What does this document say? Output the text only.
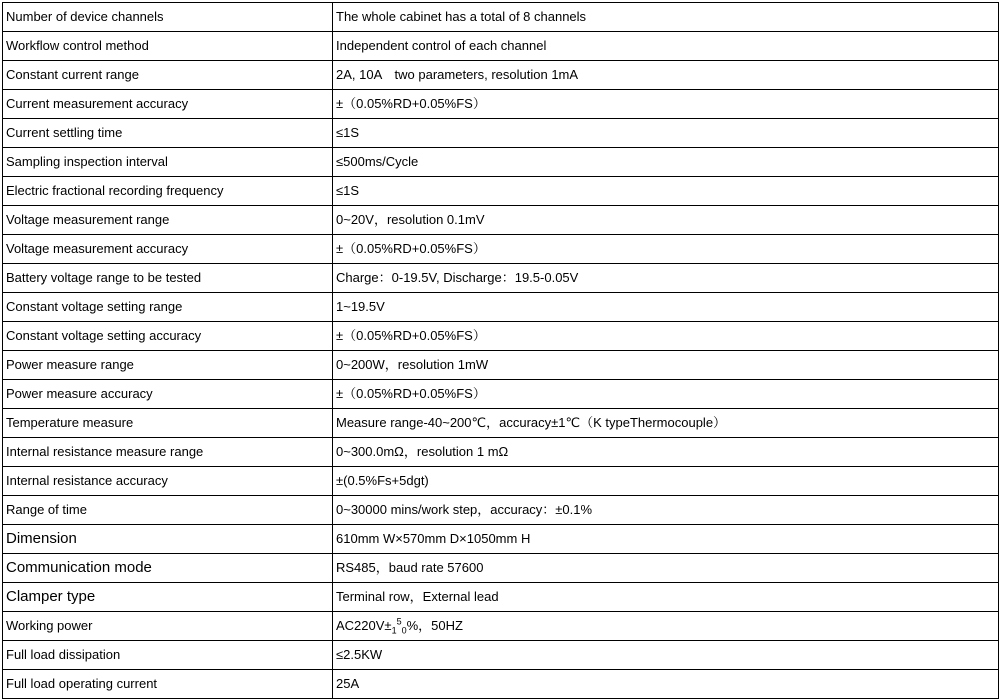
Number of device channels	The whole cabinet has a total of 8 channels
Workflow control method	Independent control of each channel
Constant current range	2A, 10A　two parameters, resolution 1mA
Current measurement accuracy	±（0.05%RD+0.05%FS）
Current settling time	≤1S
Sampling inspection interval	≤500ms/Cycle
Electric fractional recording frequency	≤1S
Voltage measurement range	0~20V，resolution 0.1mV
Voltage measurement accuracy	±（0.05%RD+0.05%FS）
Battery voltage range to be tested	Charge：0-19.5V, Discharge：19.5-0.05V
Constant voltage setting range	1~19.5V
Constant voltage setting accuracy	±（0.05%RD+0.05%FS）
Power measure range	0~200W，resolution 1mW
Power measure accuracy	±（0.05%RD+0.05%FS）
Temperature measure	Measure range-40~200℃，accuracy±1℃（K typeThermocouple）
Internal resistance measure range	0~300.0mΩ，resolution 1 mΩ
Internal resistance accuracy	±(0.5%Fs+5dgt)
Range of time	0~30000 mins/work step，accuracy：±0.1%
Dimension	610mm W×570mm D×1050mm H
Communication mode	RS485，baud rate 57600
Clamper type	Terminal row，External lead
Working power	$AC220V\pm_1^5_0\%$，50HZ
Full load dissipation	≤2.5KW
Full load operating current	25A
